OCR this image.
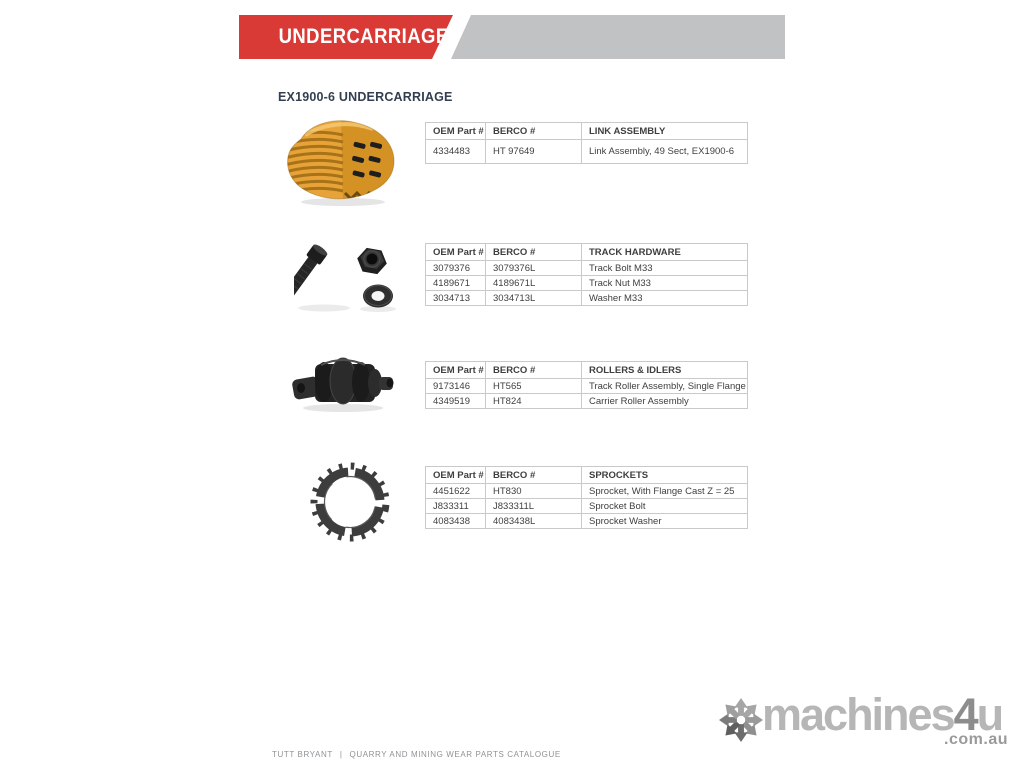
UNDERCARRIAGE
EX1900-6 UNDERCARRIAGE
OEM Part #	BERCO #	LINK ASSEMBLY
4334483	HT 97649	Link Assembly, 49 Sect, EX1900-6
OEM Part #	BERCO #	TRACK HARDWARE
3079376	3079376L	Track Bolt M33
4189671	4189671L	Track Nut M33
3034713	3034713L	Washer M33
OEM Part #	BERCO #	ROLLERS & IDLERS
9173146	HT565	Track Roller Assembly, Single Flange
4349519	HT824	Carrier Roller Assembly
OEM Part #	BERCO #	SPROCKETS
4451622	HT830	Sprocket, With Flange Cast Z = 25
J833311	J833311L	Sprocket Bolt
4083438	4083438L	Sprocket Washer
TUTT BRYANT | QUARRY AND MINING WEAR PARTS CATALOGUE
machines4u
.com.au
